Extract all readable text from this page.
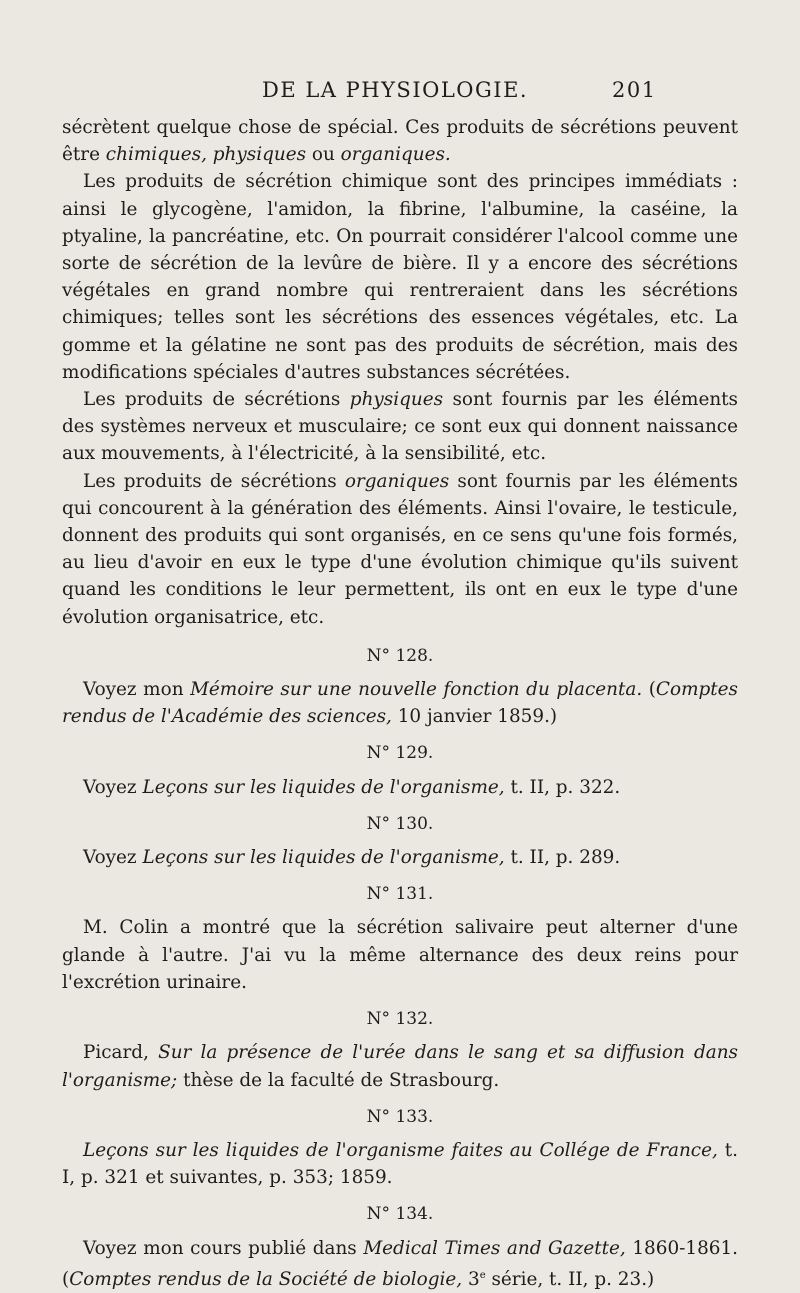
DE LA PHYSIOLOGIE.	201

sécrètent quelque chose de spécial. Ces produits de sécrétions peuvent être chimiques, physiques ou organiques.

Les produits de sécrétion chimique sont des principes immédiats : ainsi le glycogène, l'amidon, la fibrine, l'albumine, la caséine, la ptyaline, la pancréatine, etc. On pourrait considérer l'alcool comme une sorte de sécrétion de la levûre de bière. Il y a encore des sécrétions végétales en grand nombre qui rentreraient dans les sécrétions chimiques; telles sont les sécrétions des essences végétales, etc. La gomme et la gélatine ne sont pas des produits de sécrétion, mais des modifications spéciales d'autres substances sécrétées.

Les produits de sécrétions physiques sont fournis par les éléments des systèmes nerveux et musculaire; ce sont eux qui donnent naissance aux mouvements, à l'électricité, à la sensibilité, etc.

Les produits de sécrétions organiques sont fournis par les éléments qui concourent à la génération des éléments. Ainsi l'ovaire, le testicule, donnent des produits qui sont organisés, en ce sens qu'une fois formés, au lieu d'avoir en eux le type d'une évolution chimique qu'ils suivent quand les conditions le leur permettent, ils ont en eux le type d'une évolution organisatrice, etc.

N° 128.

Voyez mon Mémoire sur une nouvelle fonction du placenta. (Comptes rendus de l'Académie des sciences, 10 janvier 1859.)

N° 129.

Voyez Leçons sur les liquides de l'organisme, t. II, p. 322.

N° 130.

Voyez Leçons sur les liquides de l'organisme, t. II, p. 289.

N° 131.

M. Colin a montré que la sécrétion salivaire peut alterner d'une glande à l'autre. J'ai vu la même alternance des deux reins pour l'excrétion urinaire.

N° 132.

Picard, Sur la présence de l'urée dans le sang et sa diffusion dans l'organisme; thèse de la faculté de Strasbourg.

N° 133.

Leçons sur les liquides de l'organisme faites au Collége de France, t. I, p. 321 et suivantes, p. 353; 1859.

N° 134.

Voyez mon cours publié dans Medical Times and Gazette, 1860-1861. (Comptes rendus de la Société de biologie, 3e série, t. II, p. 23.)
